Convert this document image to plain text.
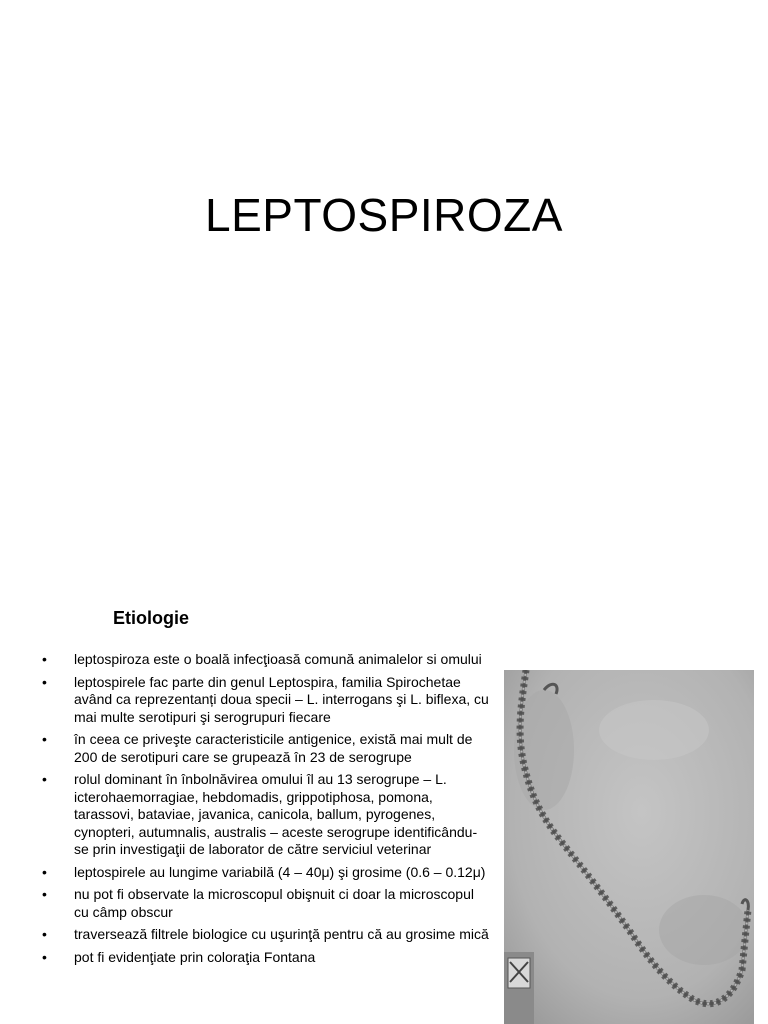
LEPTOSPIROZA
Etiologie
• leptospiroza este o boală infecţioasă comună animalelor si omului
• leptospirele fac parte din genul Leptospira, familia Spirochetae având ca reprezentanți doua specii – L. interrogans şi L. biflexa, cu mai multe serotipuri şi serogrupuri fiecare
• în ceea ce priveşte caracteristicile antigenice, există mai mult de 200 de serotipuri care se grupează în 23 de serogrupe
• rolul dominant în înbolnăvirea omului îl au 13 serogrupe – L. icterohaemorragiae, hebdomadis, grippotiphosa, pomona, tarassovi, bataviae, javanica, canicola, ballum, pyrogenes, cynopteri, autumnalis, australis – aceste serogrupe identificându-se prin investigaţii de laborator de către serviciul veterinar
• leptospirele au lungime variabilă (4 – 40μ) şi grosime (0.6 – 0.12μ)
• nu pot fi observate la microscopul obişnuit ci doar la microscopul cu câmp obscur
• traversează filtrele biologice cu uşurinţă pentru că au grosime mică
• pot fi evidenţiate prin coloraţia Fontana
